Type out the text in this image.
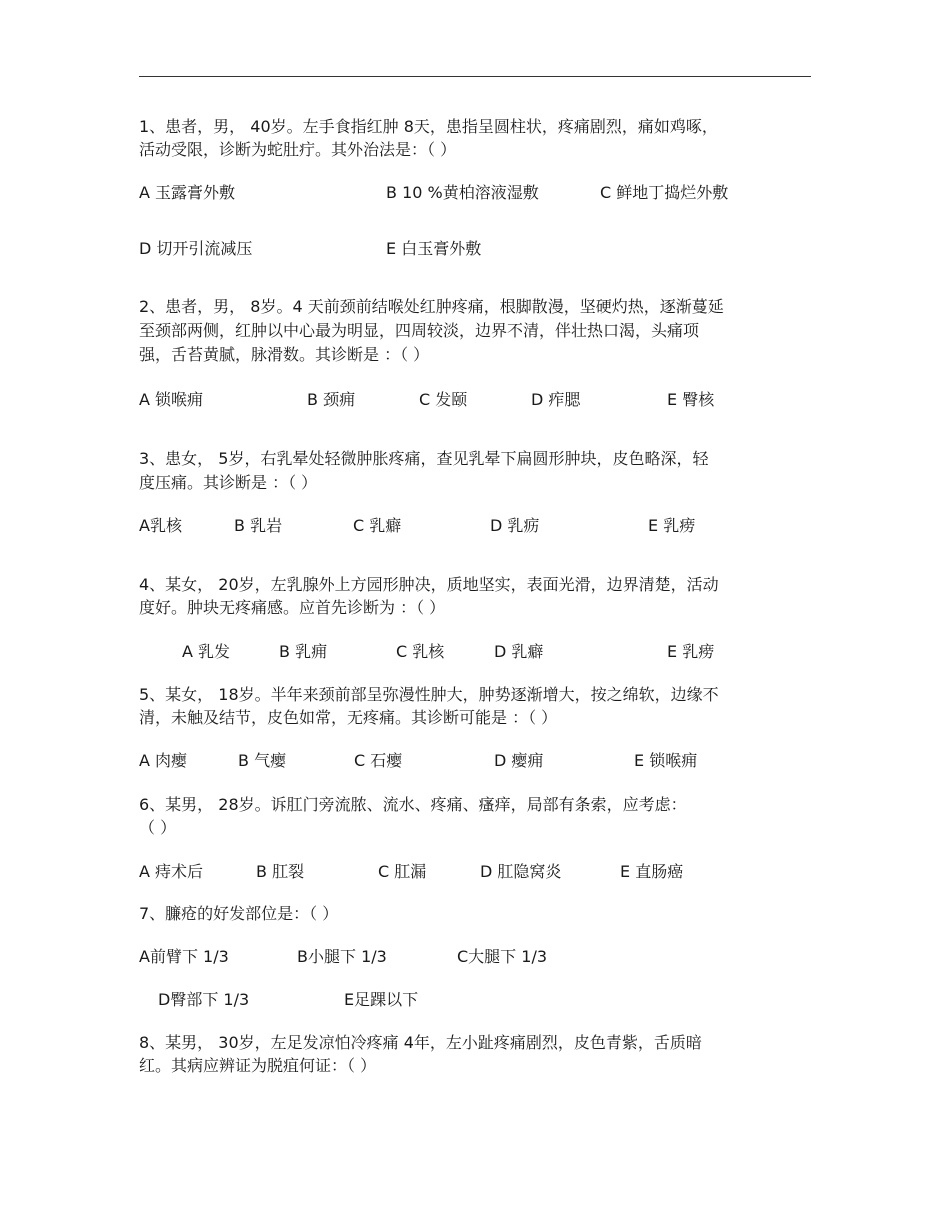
1、患者，男， 40岁。左手食指红肿 8天，患指呈圆柱状，疼痛剧烈，痛如鸡啄，
活动受限，诊断为蛇肚疔。其外治法是：（ ）
A 玉露膏外敷	B 10 %黄柏溶液湿敷	C 鲜地丁捣烂外敷
D 切开引流减压	E 白玉膏外敷
2、患者，男， 8岁。4 天前颈前结喉处红肿疼痛，根脚散漫，坚硬灼热，逐渐蔓延
至颈部两侧，红肿以中心最为明显，四周较淡，边界不清，伴壮热口渴，头痛项
强，舌苔黄腻，脉滑数。其诊断是 ：（ ）
A 锁喉痈	B 颈痈	C 发颐	D 痄腮	E 臀核
3、患女， 5岁，右乳晕处轻微肿胀疼痛，查见乳晕下扁圆形肿块，皮色略深，轻
度压痛。其诊断是 ：（ ）
A乳核	B 乳岩	C 乳癖	D 乳疬	E 乳痨
4、某女， 20岁，左乳腺外上方园形肿决，质地坚实，表面光滑，边界清楚，活动
度好。肿块无疼痛感。应首先诊断为 ：（ ）
A 乳发	B 乳痈	C 乳核	D 乳癖	E 乳痨
5、某女， 18岁。半年来颈前部呈弥漫性肿大，肿势逐渐增大，按之绵软，边缘不
清，未触及结节，皮色如常，无疼痛。其诊断可能是 ：（ ）
A 肉瘿	B 气瘿	C 石瘿	D 瘿痈	E 锁喉痈
6、某男， 28岁。诉肛门旁流脓、流水、疼痛、瘙痒，局部有条索，应考虑：
（ ）
A 痔术后	B 肛裂	C 肛漏	D 肛隐窝炎	E 直肠癌
7、臁疮的好发部位是：（ ）
A前臂下 1/3	B小腿下 1/3	C大腿下 1/3
D臀部下 1/3	E足踝以下
8、某男， 30岁，左足发凉怕冷疼痛 4年，左小趾疼痛剧烈，皮色青紫，舌质暗
红。其病应辨证为脱疽何证：（ ）
